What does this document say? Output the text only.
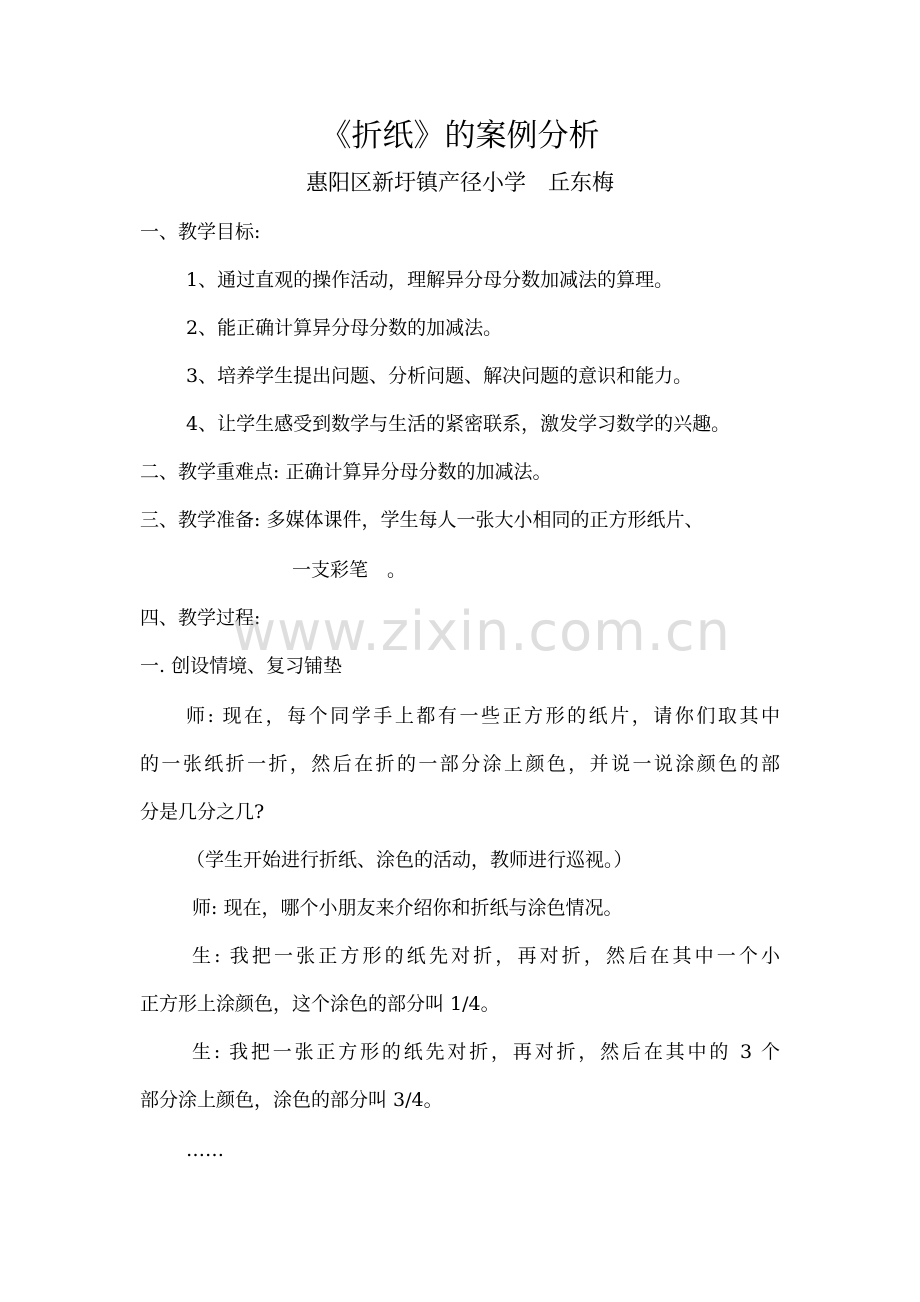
《折纸》的案例分析
惠阳区新圩镇产径小学　丘东梅
一、教学目标:
1、通过直观的操作活动，理解异分母分数加减法的算理。
2、能正确计算异分母分数的加减法。
3、培养学生提出问题、分析问题、解决问题的意识和能力。
4、让学生感受到数学与生活的紧密联系，激发学习数学的兴趣。
二、教学重难点: 正确计算异分母分数的加减法。
三、教学准备: 多媒体课件，学生每人一张大小相同的正方形纸片、
一支彩笔　。
四、教学过程:
一. 创设情境、复习铺垫
师: 现在，每个同学手上都有一些正方形的纸片，请你们取其中
的一张纸折一折，然后在折的一部分涂上颜色，并说一说涂颜色的部
分是几分之几?
（学生开始进行折纸、涂色的活动，教师进行巡视。）
师: 现在，哪个小朋友来介绍你和折纸与涂色情况。
生: 我把一张正方形的纸先对折，再对折，然后在其中一个小
正方形上涂颜色，这个涂色的部分叫 1/4。
生: 我把一张正方形的纸先对折，再对折，然后在其中的 3 个
部分涂上颜色，涂色的部分叫 3/4。
……
www.zixin.com.cn
